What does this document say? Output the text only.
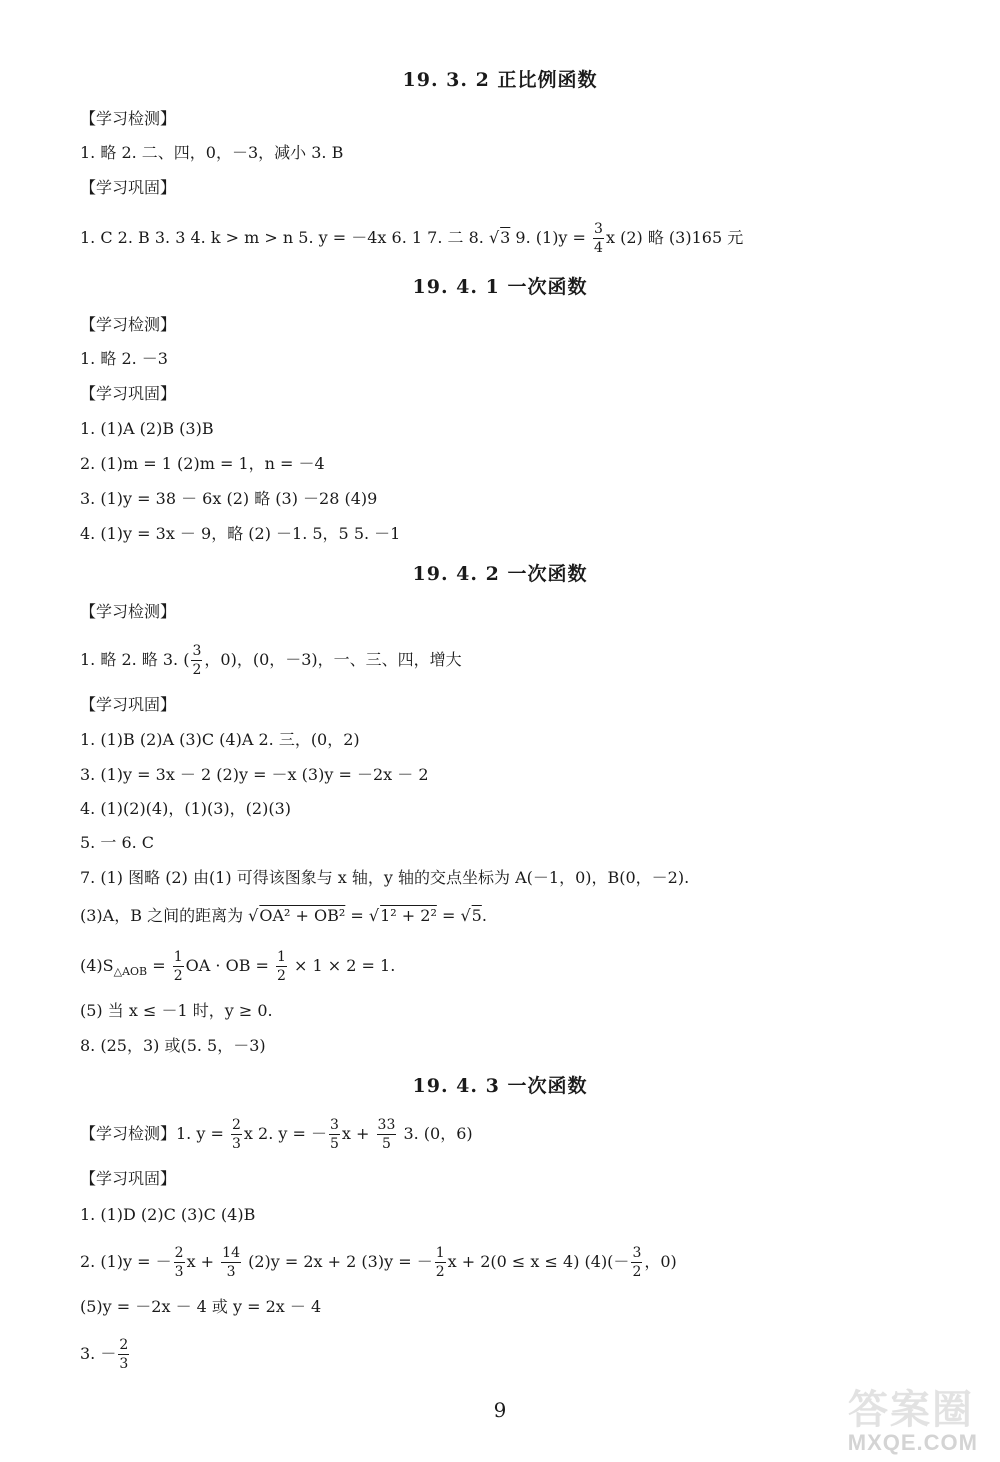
19. 3. 2 正比例函数
【学习检测】
1. 略 2. 二、四，0，－3，减小 3. B
【学习巩固】
1. C 2. B 3. 3 4. k > m > n 5. y = －4x 6. 1 7. 二 8. √3 9. $(1)y = \frac{3}{4}$ x (2) 略 (3)165 元
19. 4. 1 一次函数
【学习检测】
1. 略 2. －3
【学习巩固】
1. (1)A (2)B (3)B
2. (1)m = 1 (2)m = 1，n = －4
3. (1)y = 38 － 6x (2) 略 (3) －28 (4)9
4. (1)y = 3x － 9，略 (2) －1. 5，5 5. －1
19. 4. 2 一次函数
【学习检测】
1. 略 2. 略 3. ( $\frac{3}{2}$ ，0)，(0，－3)，一、三、四，增大
【学习巩固】
1. (1)B (2)A (3)C (4)A 2. 三，(0，2)
3. (1)y = 3x － 2 (2)y = －x (3)y = －2x － 2
4. (1)(2)(4)，(1)(3)，(2)(3)
5. 一 6. C
7. (1) 图略 (2) 由(1) 可得该图象与 x 轴，y 轴的交点坐标为 A(－1，0)，B(0，－2).
(3)A，B 之间的距离为 √OA² + OB² = √1² + 2² = √5.
$(4)S_{\triangle AOB} = \frac{1}{2}$ OA · OB = $\frac{1}{2} \times 1 \times 2 = 1$.
(5) 当 x ≤ －1 时，y ≥ 0.
8. (25，3) 或(5. 5，－3)
19. 4. 3 一次函数
【学习检测】1. $y = \frac{2}{3}$ x 2. y = － $\frac{3}{5}$ $x + \frac{33}{5} 3$. (0，6)
【学习巩固】
1. (1)D (2)C (3)C (4)B
2. (1)y = － $\frac{2}{3}$ $x + \frac{14}{3} (2)y = 2x + 2$ (3)y = － $\frac{1}{2}$ x + 2(0 ≤ x ≤ 4) $(4)(- \frac{3}{2}$ ，0)
(5)y = －2x － 4 或 y = 2x － 4
3. － $\frac{2}{3}$
9	答案圈
MXQE.COM
